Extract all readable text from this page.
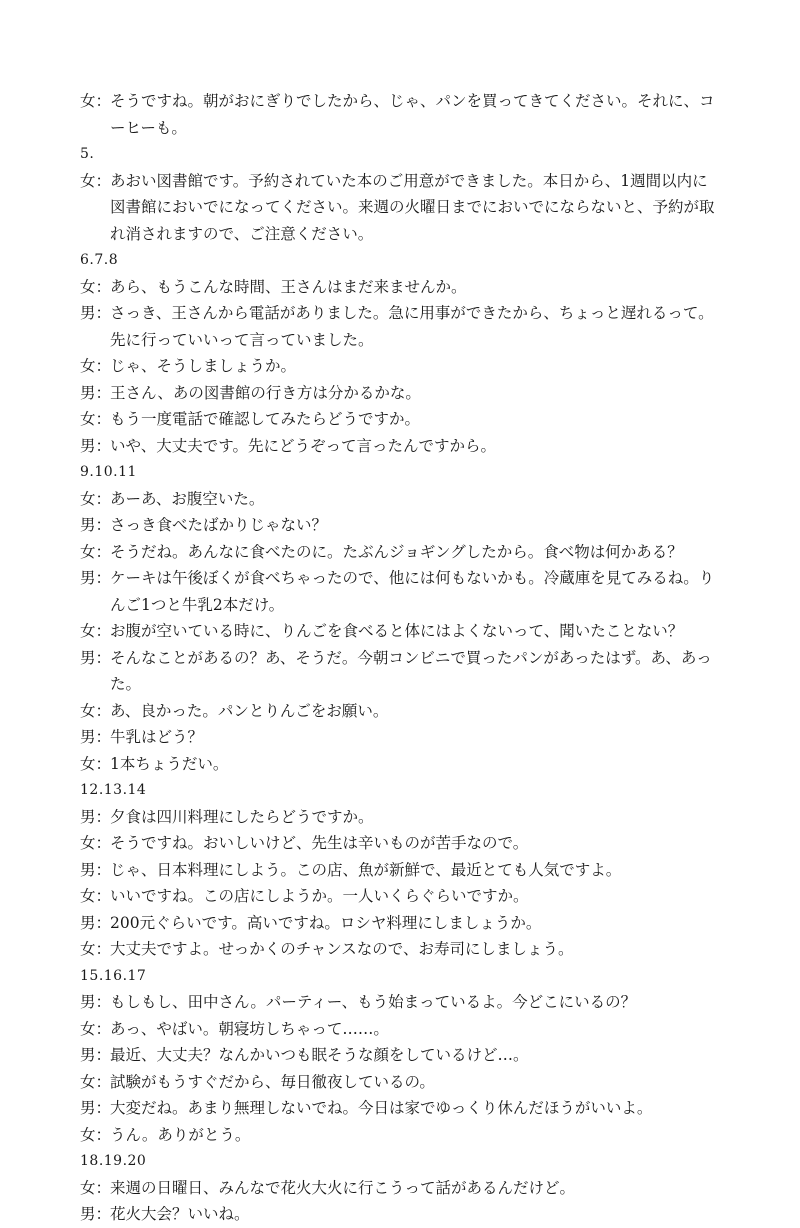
女：
そうですね。朝がおにぎりでしたから、じゃ、パンを買ってきてください。それに、コーヒーも。
5.
女：
あおい図書館です。予約されていた本のご用意ができました。本日から、1週間以内に図書館においでになってください。来週の火曜日までにおいでにならないと、予約が取れ消されますので、ご注意ください。
6.7.8
女：
あら、もうこんな時間、王さんはまだ来ませんか。
男：
さっき、王さんから電話がありました。急に用事ができたから、ちょっと遅れるって。先に行っていいって言っていました。
女：
じゃ、そうしましょうか。
男：
王さん、あの図書館の行き方は分かるかな。
女：
もう一度電話で確認してみたらどうですか。
男：
いや、大丈夫です。先にどうぞって言ったんですから。
9.10.11
女：
あーあ、お腹空いた。
男：
さっき食べたばかりじゃない？
女：
そうだね。あんなに食べたのに。たぶんジョギングしたから。食べ物は何かある？
男：
ケーキは午後ぼくが食べちゃったので、他には何もないかも。冷蔵庫を見てみるね。りんご1つと牛乳2本だけ。
女：
お腹が空いている時に、りんごを食べると体にはよくないって、聞いたことない？
男：
そんなことがあるの？あ、そうだ。今朝コンビニで買ったパンがあったはず。あ、あった。
女：
あ、良かった。パンとりんごをお願い。
男：
牛乳はどう？
女：
1本ちょうだい。
12.13.14
男：
夕食は四川料理にしたらどうですか。
女：
そうですね。おいしいけど、先生は辛いものが苦手なので。
男：
じゃ、日本料理にしよう。この店、魚が新鮮で、最近とても人気ですよ。
女：
いいですね。この店にしようか。一人いくらぐらいですか。
男：
200元ぐらいです。高いですね。ロシヤ料理にしましょうか。
女：
大丈夫ですよ。せっかくのチャンスなので、お寿司にしましょう。
15.16.17
男：
もしもし、田中さん。パーティー、もう始まっているよ。今どこにいるの？
女：
あっ、やばい。朝寝坊しちゃって……。
男：
最近、大丈夫？なんかいつも眠そうな顔をしているけど…。
女：
試験がもうすぐだから、毎日徹夜しているの。
男：
大変だね。あまり無理しないでね。今日は家でゆっくり休んだほうがいいよ。
女：
うん。ありがとう。
18.19.20
女：
来週の日曜日、みんなで花火大火に行こうって話があるんだけど。
男：
花火大会？いいね。
